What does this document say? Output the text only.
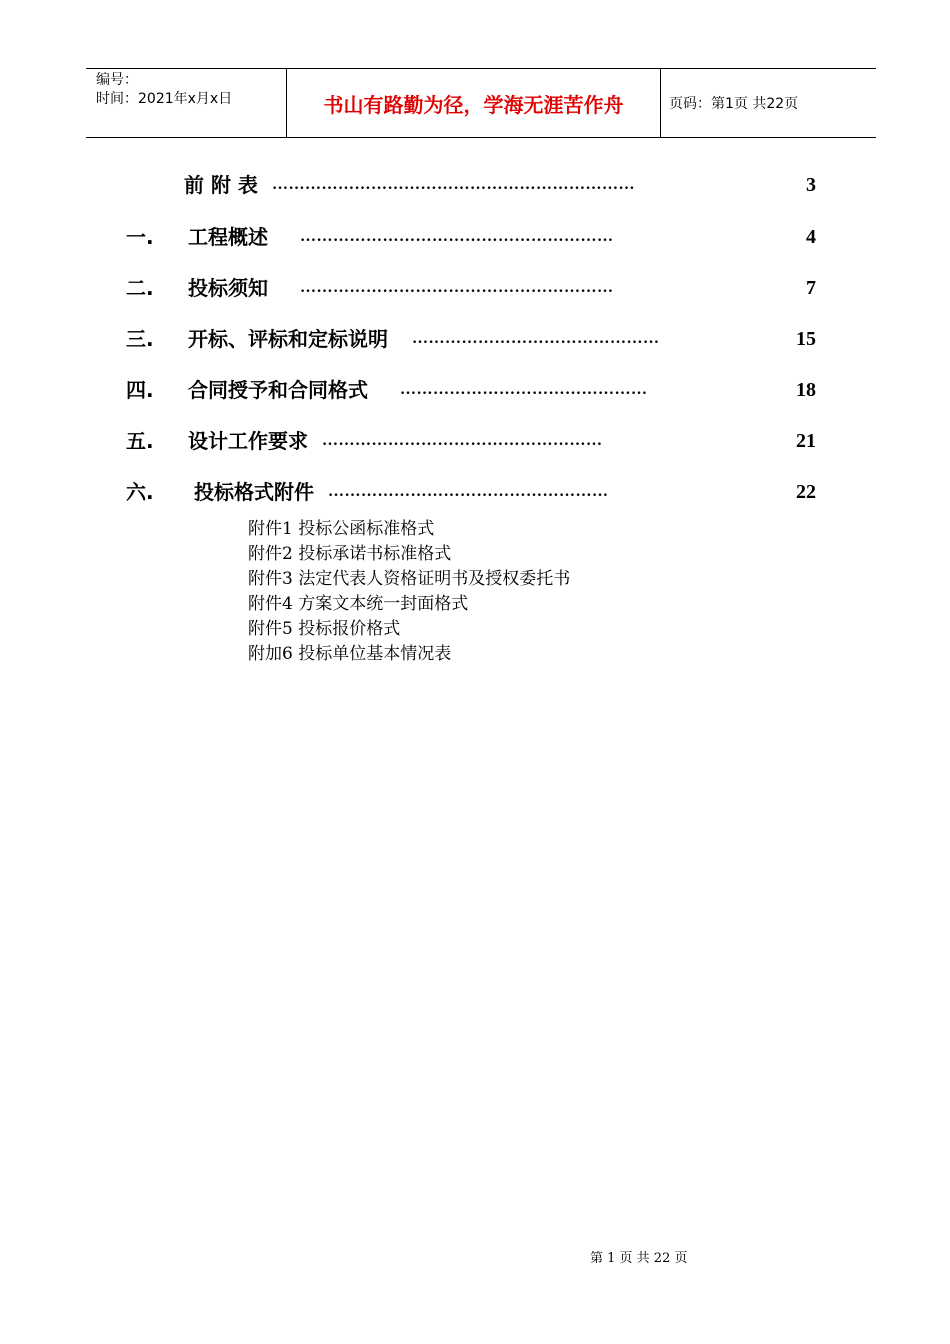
编号：
时间：2021年x月x日	书山有路勤为径，学海无涯苦作舟	页码：第1页 共22页
前 附 表 …………………………………………………………	3
一. 工程概述 …………………………………………………	4
二. 投标须知 …………………………………………………	7
三. 开标、评标和定标说明 ………………………………………	15
四. 合同授予和合同格式 ………………………………………	18
五. 设计工作要求 ……………………………………………	21
六. 投标格式附件 ……………………………………………	22
附件1 投标公函标准格式
附件2 投标承诺书标准格式
附件3 法定代表人资格证明书及授权委托书
附件4 方案文本统一封面格式
附件5 投标报价格式
附加6 投标单位基本情况表
第 1 页 共 22 页
